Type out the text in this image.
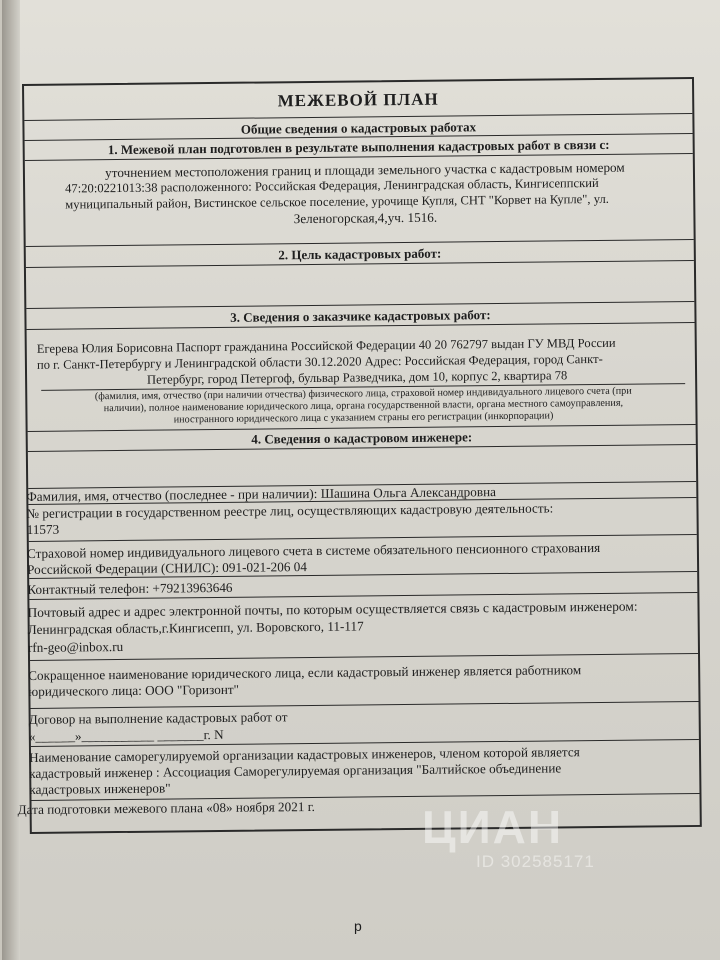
МЕЖЕВОЙ ПЛАН
Общие сведения о кадастровых работах
1. Межевой план подготовлен в результате выполнения кадастровых работ в связи с:
уточнением местоположения границ и площади земельного участка с кадастровым номером
47:20:0221013:38 расположенного: Российская Федерация, Ленинградская область, Кингисеппский
муниципальный район, Вистинское сельское поселение, урочище Купля, СНТ "Корвет на Купле", ул.
Зеленогорская,4,уч. 1516.
2. Цель кадастровых работ:
3. Сведения о заказчике кадастровых работ:
Егерева Юлия Борисовна Паспорт гражданина Российской Федерации 40 20 762797 выдан ГУ МВД России
по г. Санкт-Петербургу и Ленинградской области 30.12.2020 Адрес: Российская Федерация, город Санкт-
Петербург, город Петергоф, бульвар Разведчика, дом 10, корпус 2, квартира 78
(фамилия, имя, отчество (при наличии отчества) физического лица, страховой номер индивидуального лицевого счета (при
наличии), полное наименование юридического лица, органа государственной власти, органа местного самоуправления,
иностранного юридического лица с указанием страны его регистрации (инкорпорации)
4. Сведения о кадастровом инженере:
Фамилия, имя, отчество (последнее - при наличии): Шашина Ольга Александровна
№ регистрации в государственном реестре лиц, осуществляющих кадастровую деятельность:
11573
Страховой номер индивидуального лицевого счета в системе обязательного пенсионного страхования
Российской Федерации (СНИЛС): 091-021-206 04
Контактный телефон: +79213963646
Почтовый адрес и адрес электронной почты, по которым осуществляется связь с кадастровым инженером:
Ленинградская область,г.Кингисепп, ул. Воровского, 11-117
rfn-geo@inbox.ru
Сокращенное наименование юридического лица, если кадастровый инженер является работником
юридического лица: ООО "Горизонт"
Договор на выполнение кадастровых работ от
«______»___________ _______г. N
Наименование саморегулируемой организации кадастровых инженеров, членом которой является
кадастровый инженер : Ассоциация Саморегулируемая организация "Балтийское объединение
кадастровых инженеров"
Дата подготовки межевого плана «08» ноября 2021 г.	ЦИАН
ID 302585171
р
